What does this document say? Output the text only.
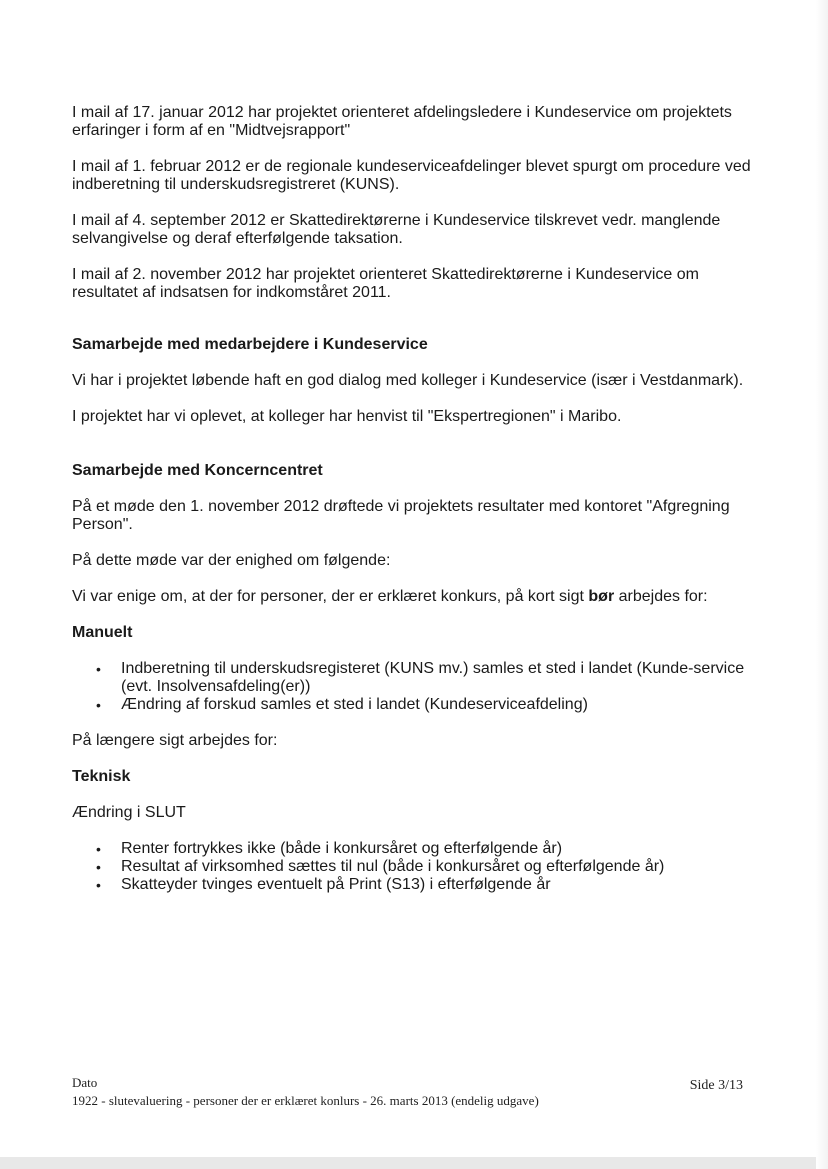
I mail af 17. januar 2012 har projektet orienteret afdelingsledere i Kundeservice om projektets erfaringer i form af en "Midtvejsrapport"

I mail af 1. februar 2012 er de regionale kundeserviceafdelinger blevet spurgt om procedure ved indberetning til underskudsregistreret (KUNS).

I mail af 4. september 2012 er Skattedirektørerne i Kundeservice tilskrevet vedr. manglende selvangivelse og deraf efterfølgende taksation.

I mail af 2. november 2012 har projektet orienteret Skattedirektørerne i Kundeservice om resultatet af indsatsen for indkomståret 2011.

Samarbejde med medarbejdere i Kundeservice

Vi har i projektet løbende haft en god dialog med kolleger i Kundeservice (især i Vestdanmark).

I projektet har vi oplevet, at kolleger har henvist til "Ekspertregionen" i Maribo.

Samarbejde med Koncerncentret

På et møde den 1. november 2012 drøftede vi projektets resultater med kontoret "Afgregning Person".

På dette møde var der enighed om følgende:

Vi var enige om, at der for personer, der er erklæret konkurs, på kort sigt bør arbejdes for:

Manuelt

• Indberetning til underskudsregisteret (KUNS mv.) samles et sted i landet (Kunde-service (evt. Insolvensafdeling(er))
• Ændring af forskud samles et sted i landet (Kundeserviceafdeling)

På længere sigt arbejdes for:

Teknisk

Ændring i SLUT

• Renter fortrykkes ikke (både i konkursåret og efterfølgende år)
• Resultat af virksomhed sættes til nul (både i konkursåret og efterfølgende år)
• Skatteyder tvinges eventuelt på Print (S13) i efterfølgende år
Dato
1922 - slutevaluering - personer der er erklæret konlurs - 26. marts 2013 (endelig udgave)
Side 3/13
